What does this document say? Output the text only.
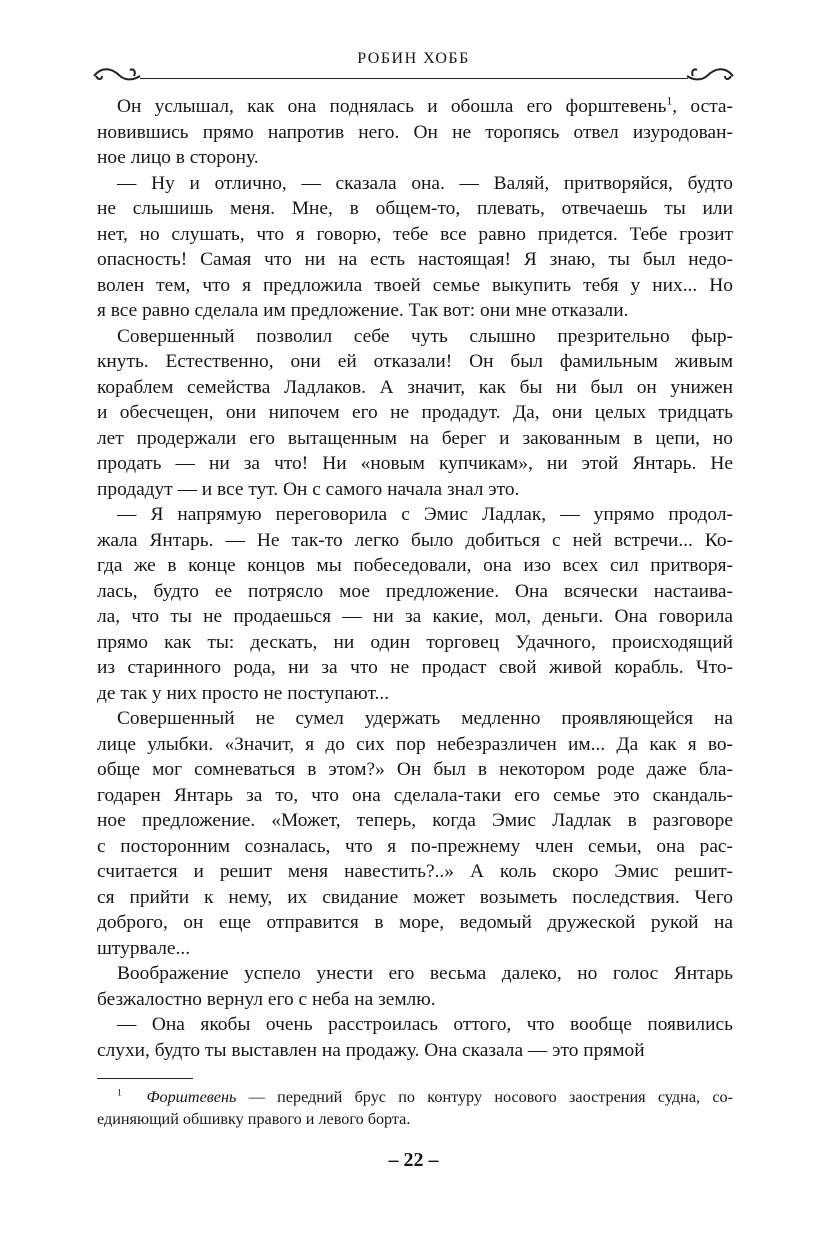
РОБИН ХОББ
Он услышал, как она поднялась и обошла его форштевень$^1$, оста-
новившись прямо напротив него. Он не торопясь отвел изуродован-
ное лицо в сторону.
— Ну и отлично, — сказала она. — Валяй, притворяйся, будто
не слышишь меня. Мне, в общем-то, плевать, отвечаешь ты или
нет, но слушать, что я говорю, тебе все равно придется. Тебе грозит
опасность! Самая что ни на есть настоящая! Я знаю, ты был недо-
волен тем, что я предложила твоей семье выкупить тебя у них... Но
я все равно сделала им предложение. Так вот: они мне отказали.
Совершенный позволил себе чуть слышно презрительно фыр-
кнуть. Естественно, они ей отказали! Он был фамильным живым
кораблем семейства Ладлаков. А значит, как бы ни был он унижен
и обесчещен, они нипочем его не продадут. Да, они целых тридцать
лет продержали его вытащенным на берег и закованным в цепи, но
продать — ни за что! Ни «новым купчикам», ни этой Янтарь. Не
продадут — и все тут. Он с самого начала знал это.
— Я напрямую переговорила с Эмис Ладлак, — упрямо продол-
жала Янтарь. — Не так-то легко было добиться с ней встречи... Ко-
гда же в конце концов мы побеседовали, она изо всех сил притворя-
лась, будто ее потрясло мое предложение. Она всячески настаива-
ла, что ты не продаешься — ни за какие, мол, деньги. Она говорила
прямо как ты: дескать, ни один торговец Удачного, происходящий
из старинного рода, ни за что не продаст свой живой корабль. Что-
де так у них просто не поступают...
Совершенный не сумел удержать медленно проявляющейся на
лице улыбки. «Значит, я до сих пор небезразличен им... Да как я во-
обще мог сомневаться в этом?» Он был в некотором роде даже бла-
годарен Янтарь за то, что она сделала-таки его семье это скандаль-
ное предложение. «Может, теперь, когда Эмис Ладлак в разговоре
с посторонним созналась, что я по-прежнему член семьи, она рас-
считается и решит меня навестить?..» А коль скоро Эмис решит-
ся прийти к нему, их свидание может возыметь последствия. Чего
доброго, он еще отправится в море, ведомый дружеской рукой на
штурвале...
Воображение успело унести его весьма далеко, но голос Янтарь
безжалостно вернул его с неба на землю.
— Она якобы очень расстроилась оттого, что вообще появились
слухи, будто ты выставлен на продажу. Она сказала — это прямой
$^1$ Форштевень — передний брус по контуру носового заострения судна, со-
единяющий обшивку правого и левого борта.
– 22 –
